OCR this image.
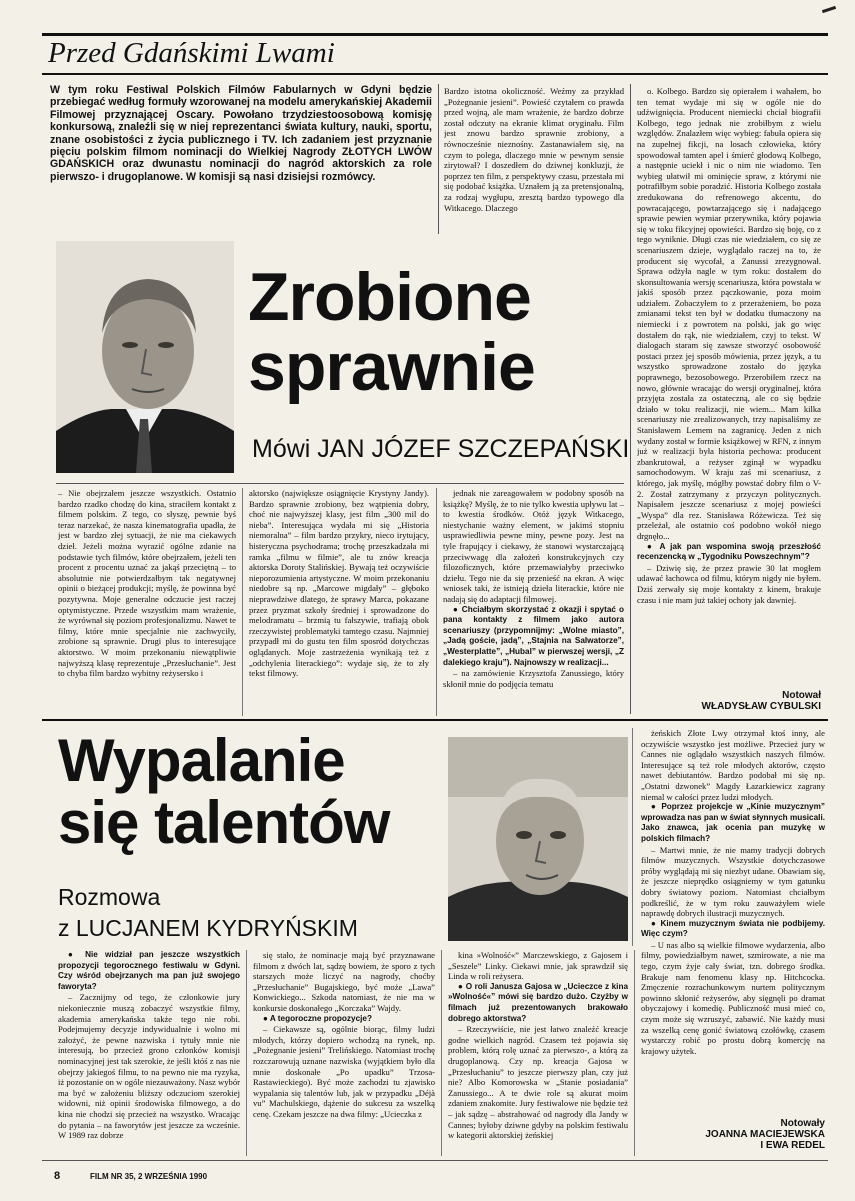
Przed Gdańskimi Lwami
W tym roku Festiwal Polskich Filmów Fabularnych w Gdyni będzie przebiegać według formuły wzorowanej na modelu amerykańskiej Akademii Filmowej przyznającej Oscary. Powołano trzydziestoosobową komisję konkursową, znaleźli się w niej reprezentanci świata kultury, nauki, sportu, znane osobistości z życia publicznego i TV. Ich zadaniem jest przyznanie pięciu polskim filmom nominacji do Wielkiej Nagrody ZŁOTYCH LWÓW GDAŃSKICH oraz dwunastu nominacji do nagród aktorskich za role pierwszo- i drugoplanowe. W komisji są nasi dzisiejsi rozmówcy.
Bardzo istotna okoliczność. Weźmy za przykład „Pożegnanie jesieni”. Powieść czytałem co prawda przed wojną, ale mam wrażenie, że bardzo dobrze został odczuty na ekranie klimat oryginału. Film jest znowu bardzo sprawnie zrobiony, a równocześnie nieznośny. Zastanawiałem się, na czym to polega, dlaczego mnie w pewnym sensie zirytował? I doszedłem do dziwnej konkluzji, że poprzez ten film, z perspektywy czasu, przestała mi się podobać książka. Uznałem ją za pretensjonalną, za rodzaj wygłupu, zresztą bardzo typowego dla Witkacego. Dlaczego
Zrobione sprawnie
Mówi JAN JÓZEF SZCZEPAŃSKI
– Nie obejrzałem jeszcze wszystkich. Ostatnio bardzo rzadko chodzę do kina, straciłem kontakt z filmem polskim. Z tego, co słyszę, pewnie byś teraz narzekać, że nasza kinematografia upadła, że jest w bardzo złej sytuacji, że nie ma ciekawych dzieł. Jeżeli można wyrazić ogólne zdanie na podstawie tych filmów, które obejrzałem, jeżeli ten procent z procentu uznać za jakąś przeciętną – to absolutnie nie potwierdzałbym tak negatywnej opinii o bieżącej produkcji; myślę, że powinna być pozytywna. Moje generalne odczucie jest raczej optymistyczne. Przede wszystkim mam wrażenie, że wyrównał się poziom profesjonalizmu. Nawet te filmy, które mnie specjalnie nie zachwyciły, zrobione są sprawnie. Drugi plus to interesujące aktorstwo. W moim przekonaniu niewątpliwie najwyższą klasę reprezentuje „Przesłuchanie”. Jest to chyba film bardzo wybitny reżysersko i
aktorsko (największe osiągnięcie Krystyny Jandy). Bardzo sprawnie zrobiony, bez wątpienia dobry, choć nie najwyższej klasy, jest film „300 mil do nieba”. Interesująca wydała mi się „Historia niemoralna” – film bardzo przykry, nieco irytujący, histeryczna psychodrama; trochę przeszkadzała mi ramka „filmu w filmie”, ale tu znów kreacja aktorska Doroty Stalińskiej. Bywają też oczywiście nieporozumienia artystyczne. W moim przekonaniu niedobre są np. „Marcowe migdały” – głęboko nieprawdziwe dlatego, że sprawy Marca, pokazane przez pryzmat szkoły średniej i sprowadzone do melodramatu – brzmią tu fałszywie, trafiają obok rzeczywistej problematyki tamtego czasu. Najmniej przypadł mi do gustu ten film sposród dotychczas oglądanych. Moje zastrzeżenia wynikają też z „odchylenia literackiego”: wydaje się, że to zły tekst filmowy.

jednak nie zareagowałem w podobny sposób na książkę? Myślę, że to nie tylko kwestia upływu lat – to kwestia środków. Otóż język Witkacego, niestychanie ważny element, w jakimś stopniu usprawiedliwia pewne miny, pewne pozy. Jest na tyle frapujący i ciekawy, że stanowi wystarczającą przeciwwagę dla założeń konstrukcyjnych czy filozoficznych, które przemawiałyby przeciwko dziełu. Tego nie da się przenieść na ekran. A więc wniosek taki, że istnieją dzieła literackie, które nie nadają się do adaptacji filmowej.

● Chciałbym skorzystać z okazji i spytać o pana kontakty z filmem jako autora scenariuszy (przypomnijmy: „Wolne miasto”, „Jadą goście, jadą”, „Stajnia na Salwatorze”, „Westerplatte”, „Hubal” w pierwszej wersji, „Z dalekiego kraju”). Najnowszy w realizacji...

– na zamówienie Krzysztofa Zanussiego, który skłonił mnie do podjęcia tematu

o. Kolbego. Bardzo się opierałem i wahałem, bo ten temat wydaje mi się w ogóle nie do udźwignięcia. Producent niemiecki chciał biografii Kolbego, tego jednak nie zrobiłbym z wielu względów. Znalazłem więc wybieg: fabuła opiera się na zupełnej fikcji, na losach człowieka, który spowodował tamten apel i śmierć głodową Kolbego, a następnie uciekł i nic o nim nie wiadomo. Ten wybieg ułatwił mi ominięcie spraw, z którymi nie potrafiłbym sobie poradzić. Historia Kolbego została zredukowana do refrenowego akcentu, do powracającego, powtarzającego się i nadającego sprawie pewien wymiar przerywnika, który pojawia się w toku fikcyjnej opowieści. Bardzo się boję, co z tego wyniknie. Długi czas nie wiedziałem, co się ze scenariuszem dzieje, wyglądało raczej na to, że producent się wycofał, a Zanussi zrezygnował. Sprawa odżyła nagle w tym roku: dostałem do skonsultowania wersję scenariusza, która powstała w jakiś sposób przez pączkowanie, poza moim udziałem. Zobaczyłem to z przerażeniem, bo poza zmianami tekst ten był w dodatku tłumaczony na niemiecki i z powrotem na polski, jak go więc dostałem do rąk, nie wiedziałem, czyj to tekst. W dialogach staram się zawsze stworzyć osobowość postaci przez jej sposób mówienia, przez język, a tu wszystko sprowadzone zostało do języka poprawnego, bezosobowego. Przerobiłem rzecz na nowo, głównie wracając do wersji oryginalnej, która przyjęta została za ostateczną, ale co się będzie działo w toku realizacji, nie wiem... Mam kilka scenariuszy nie zrealizowanych, trzy napisaliśmy ze Stanisławem Lemem na zagranicę. Jeden z nich wydany został w formie książkowej w RFN, z innym już w realizacji była historia pechowa: producent zbankrutował, a reżyser zginął w wypadku samochodowym. W kraju zaś mi scenariusz, z którego, jak myślę, mógłby powstać dobry film o V-2. Został zatrzymany z przyczyn politycznych. Napisałem jeszcze scenariusz z mojej powieści „Wyspa” dla rez. Stanisława Różewicza. Też się przeleżał, ale ostatnio coś podobno wokół niego drgnęło...

● A jak pan wspomina swoją przeszłość recenzencką w „Tygodniku Powszechnym”?

– Dziwię się, że przez prawie 30 lat mogłem udawać łachowca od filmu, którym nigdy nie byłem. Dziś zerwały się moje kontakty z kinem, brakuje czasu i nie mam już takiej ochoty jak dawniej.

Notował

WŁADYSŁAW CYBULSKI

Wypalanie się talentów
Rozmowa
z LUCJANEM KYDRYŃSKIM

● Nie widział pan jeszcze wszystkich propozycji tegorocznego festiwalu w Gdyni. Czy wśród obejrzanych ma pan już swojego faworyta?

– Zacznijmy od tego, że członkowie jury niekoniecznie muszą zobaczyć wszystkie filmy, akademia amerykańska także tego nie robi. Podejmujemy decyzje indywidualnie i wolno mi założyć, że pewne nazwiska i tytuły mnie nie interesują, bo przecież grono członków komisji nominacyjnej jest tak szerokie, że jeśli któś z nas nie obejrzy jakiegoś filmu, to na pewno nie ma ryzyka, iż pozostanie on w ogóle niezauważony. Nasz wybór ma być w założeniu bliższy odczuciom szerokiej widowni, niż opinii środowiska filmowego, a do kina nie chodzi się przecież na wszystko. Wracając do pytania – na faworytów jest jeszcze za wcześnie. W 1989 raz dobrze

się stało, że nominacje mają być przyznawane filmom z dwóch lat, sądzę bowiem, że sporo z tych starszych może liczyć na nagrody, choćby „Przesłuchanie” Bugajskiego, być może „Lawa” Konwickiego... Szkoda natomiast, że nie ma w konkursie doskonałego „Korczaka” Wajdy.

● A tegoroczne propozycje?

– Ciekawsze są, ogólnie biorąc, filmy ludzi młodych, którzy dopiero wchodzą na rynek, np. „Pożegnanie jesieni” Trelińskiego. Natomiast trochę rozczarowują uznane nazwiska (wyjątkiem było dla mnie doskonałe „Po upadku” Trzosa-Rastawieckiego). Być może zachodzi tu zjawisko wypalania się talentów lub, jak w przypadku „Déjà vu” Machulskiego, dążenie do sukcesu za wszelką cenę. Czekam jeszcze na dwa filmy: „Ucieczka z

kina »Wolność«” Marczewskiego, z Gajosem i „Seszele” Linky. Ciekawi mnie, jak sprawdził się Linda w roli reżysera.

● O roli Janusza Gajosa w „Ucieczce z kina »Wolność«” mówi się bardzo dużo. Czyżby w filmach już prezentowanych brakowało dobrego aktorstwa?

– Rzeczywiście, nie jest łatwo znaleźć kreacje godne wielkich nagród. Czasem też pojawia się problem, którą rolę uznać za pierwszo-, a którą za drugoplanową. Czy np. kreacja Gajosa w „Przesłuchaniu” to jeszcze pierwszy plan, czy już nie? Albo Komorowska w „Stanie posiadania” Zanussiego... A te dwie role są akurat moim zdaniem znakomite. Jury festiwalowe nie będzie też – jak sądzę – abstrahować od nagrody dla Jandy w Cannes; byłoby dziwne gdyby na polskim festiwalu w kategorii aktorskiej żeńskiej

żeńskich Złote Lwy otrzymał ktoś inny, ale oczywiście wszystko jest możliwe. Przecież jury w Cannes nie oglądało wszystkich naszych filmów. Interesujące są też role młodych aktorów, często nawet debiutantów. Bardzo podobał mi się np. „Ostatni dzwonek” Magdy Łazarkiewicz zagrany niemal w całości przez ludzi młodych.

● Poprzez projekcje w „Kinie muzycznym” wprowadza nas pan w świat słynnych musicali. Jako znawca, jak ocenia pan muzykę w polskich filmach?

– Martwi mnie, że nie mamy tradycji dobrych filmów muzycznych. Wszystkie dotychczasowe próby wyglądają mi się niezbyt udane. Obawiam się, że jeszcze nieprędko osiągniemy w tym gatunku dobry światowy poziom. Natomiast chciałbym podkreślić, że w tym roku zauważyłem wiele naprawdę dobrych ilustracji muzycznych.

● Kinem muzycznym świata nie podbijemy. Więc czym?

– U nas albo są wielkie filmowe wydarzenia, albo filmy, powiedziałbym nawet, szmirowate, a nie ma tego, czym żyje cały świat, tzn. dobrego środka. Brakuje nam fenomenu klasy np. Hitchcocka. Zmęczenie rozrachunkowym nurtem politycznym powinno skłonić reżyserów, aby sięgnęli po dramat obyczajowy i komedię. Publiczność musi mieć co, czym może się wzruszyć, zabawić. Nie każdy musi za wszelką cenę gonić światową czołówkę, czasem wystarczy robić po prostu dobrą komercję na krajowy użytek.

Notowały

JOANNA MACIEJEWSKA

I EWA REDEL

8	FILM NR 35, 2 WRZEŚNIA 1990
